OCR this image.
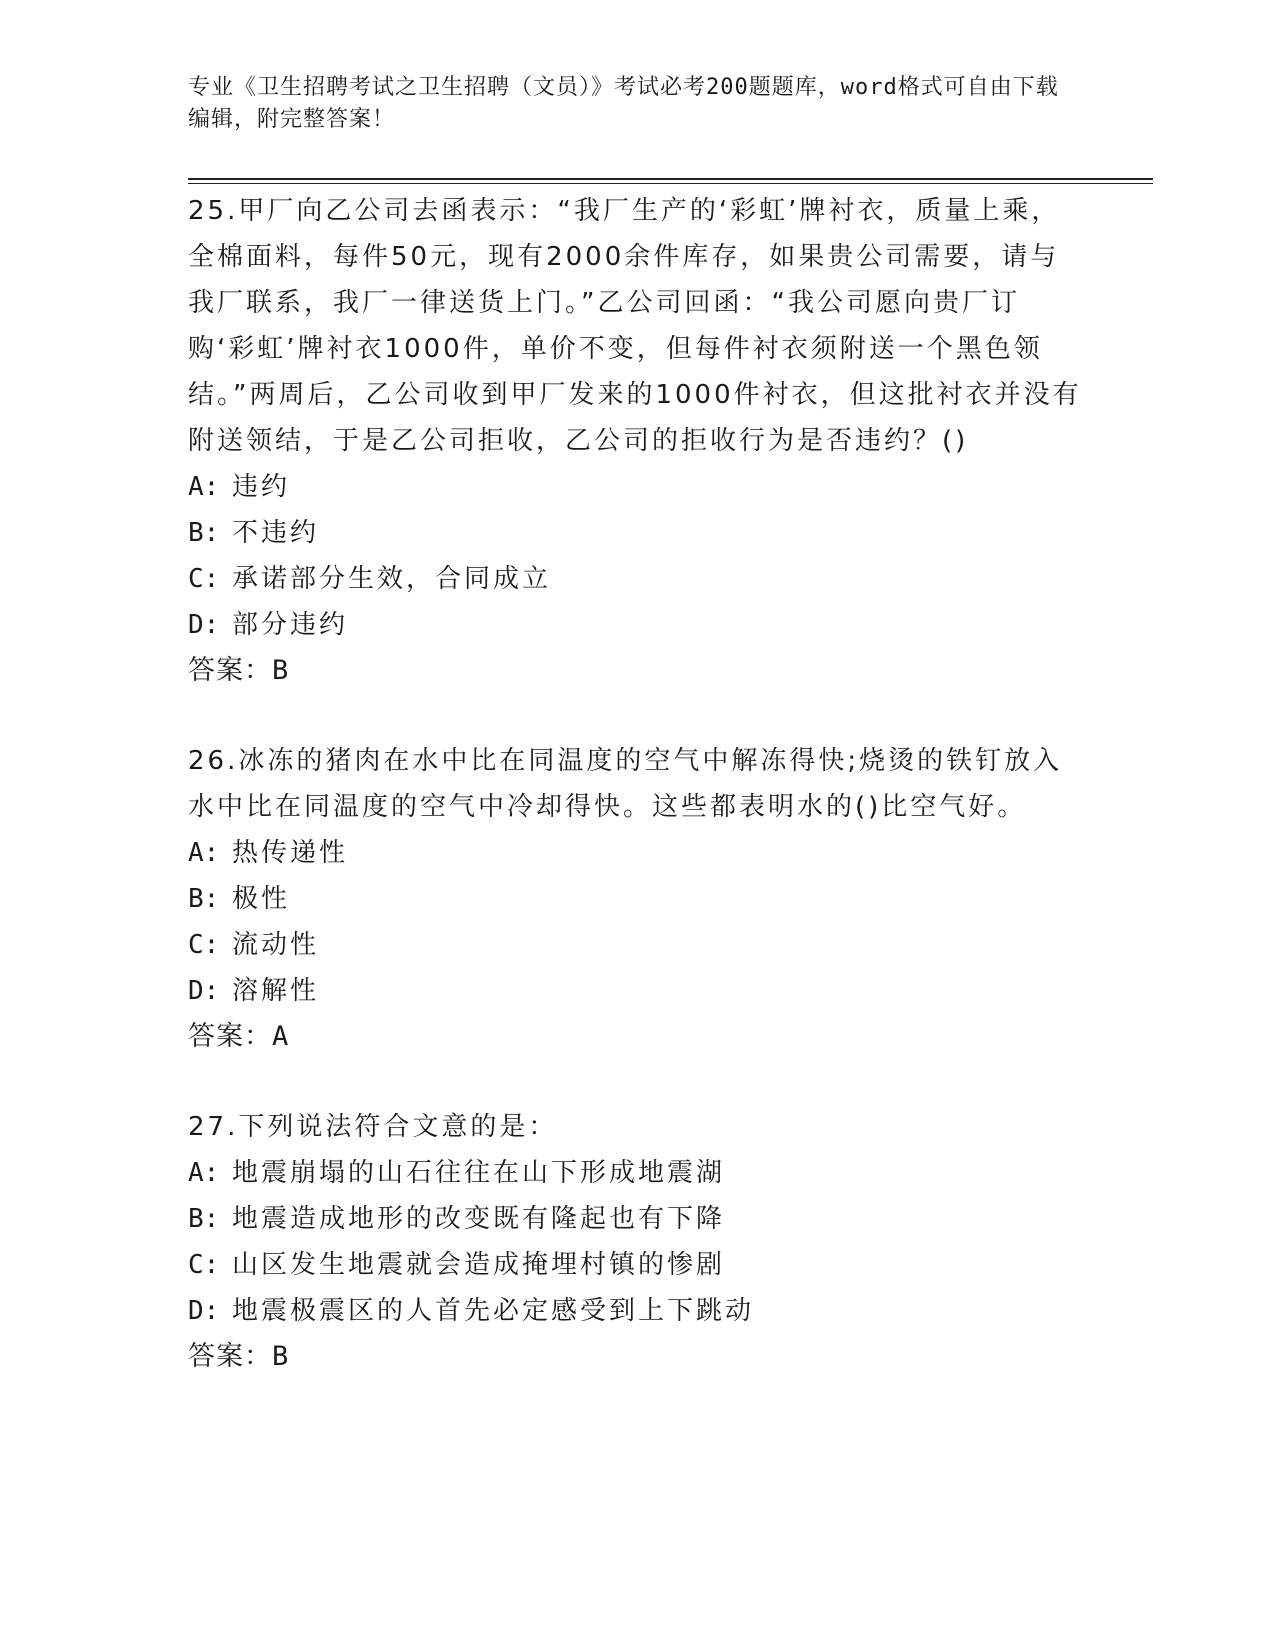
专业《卫生招聘考试之卫生招聘（文员）》考试必考200题题库，word格式可自由下载编辑，附完整答案！
25.甲厂向乙公司去函表示：“我厂生产的‘彩虹’牌衬衣，质量上乘，全棉面料，每件50元，现有2000余件库存，如果贵公司需要，请与我厂联系，我厂一律送货上门。”乙公司回函：“我公司愿向贵厂订购‘彩虹’牌衬衣1000件，单价不变，但每件衬衣须附送一个黑色领结。”两周后，乙公司收到甲厂发来的1000件衬衣，但这批衬衣并没有附送领结，于是乙公司拒收，乙公司的拒收行为是否违约？()
A: 违约
B: 不违约
C: 承诺部分生效，合同成立
D: 部分违约
答案：B
26.冰冻的猪肉在水中比在同温度的空气中解冻得快;烧烫的铁钉放入水中比在同温度的空气中冷却得快。这些都表明水的()比空气好。
A: 热传递性
B: 极性
C: 流动性
D: 溶解性
答案：A
27.下列说法符合文意的是：
A: 地震崩塌的山石往往在山下形成地震湖
B: 地震造成地形的改变既有隆起也有下降
C: 山区发生地震就会造成掩埋村镇的惨剧
D: 地震极震区的人首先必定感受到上下跳动
答案：B
